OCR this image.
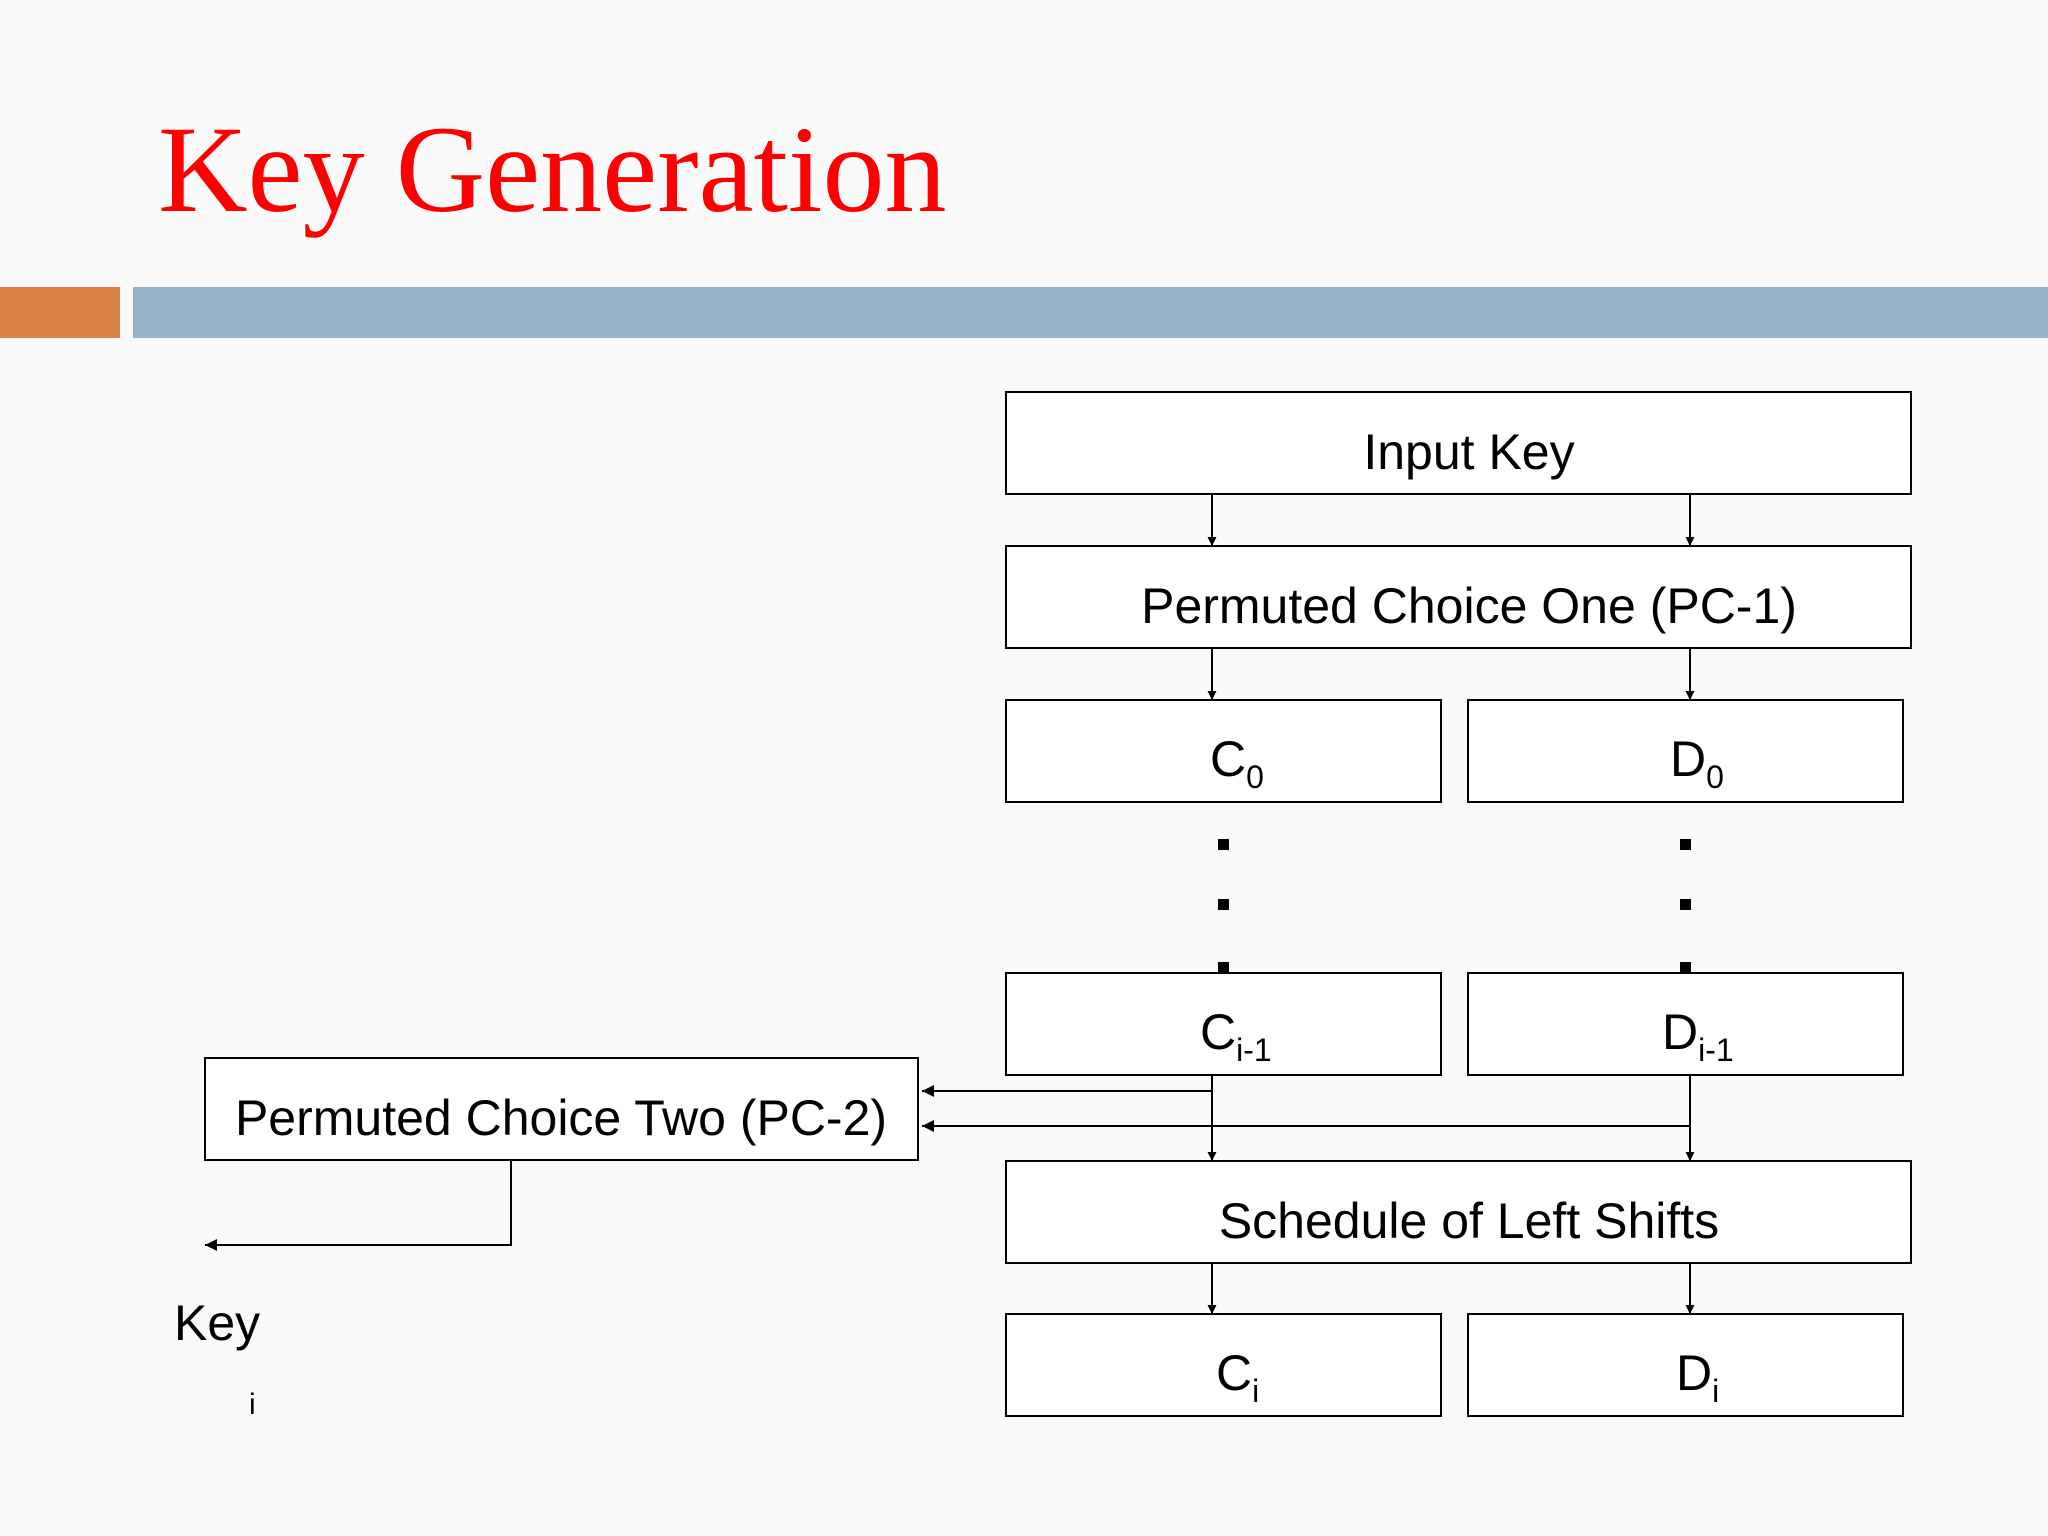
Key Generation
Input Key
Permuted Choice One (PC-1)
$C_0$	$D_0$
$C_{i-1}$	$D_{i-1}$
Permuted Choice Two (PC-2)
Schedule of Left Shifts
$C_i$	$D_i$
Key
i
